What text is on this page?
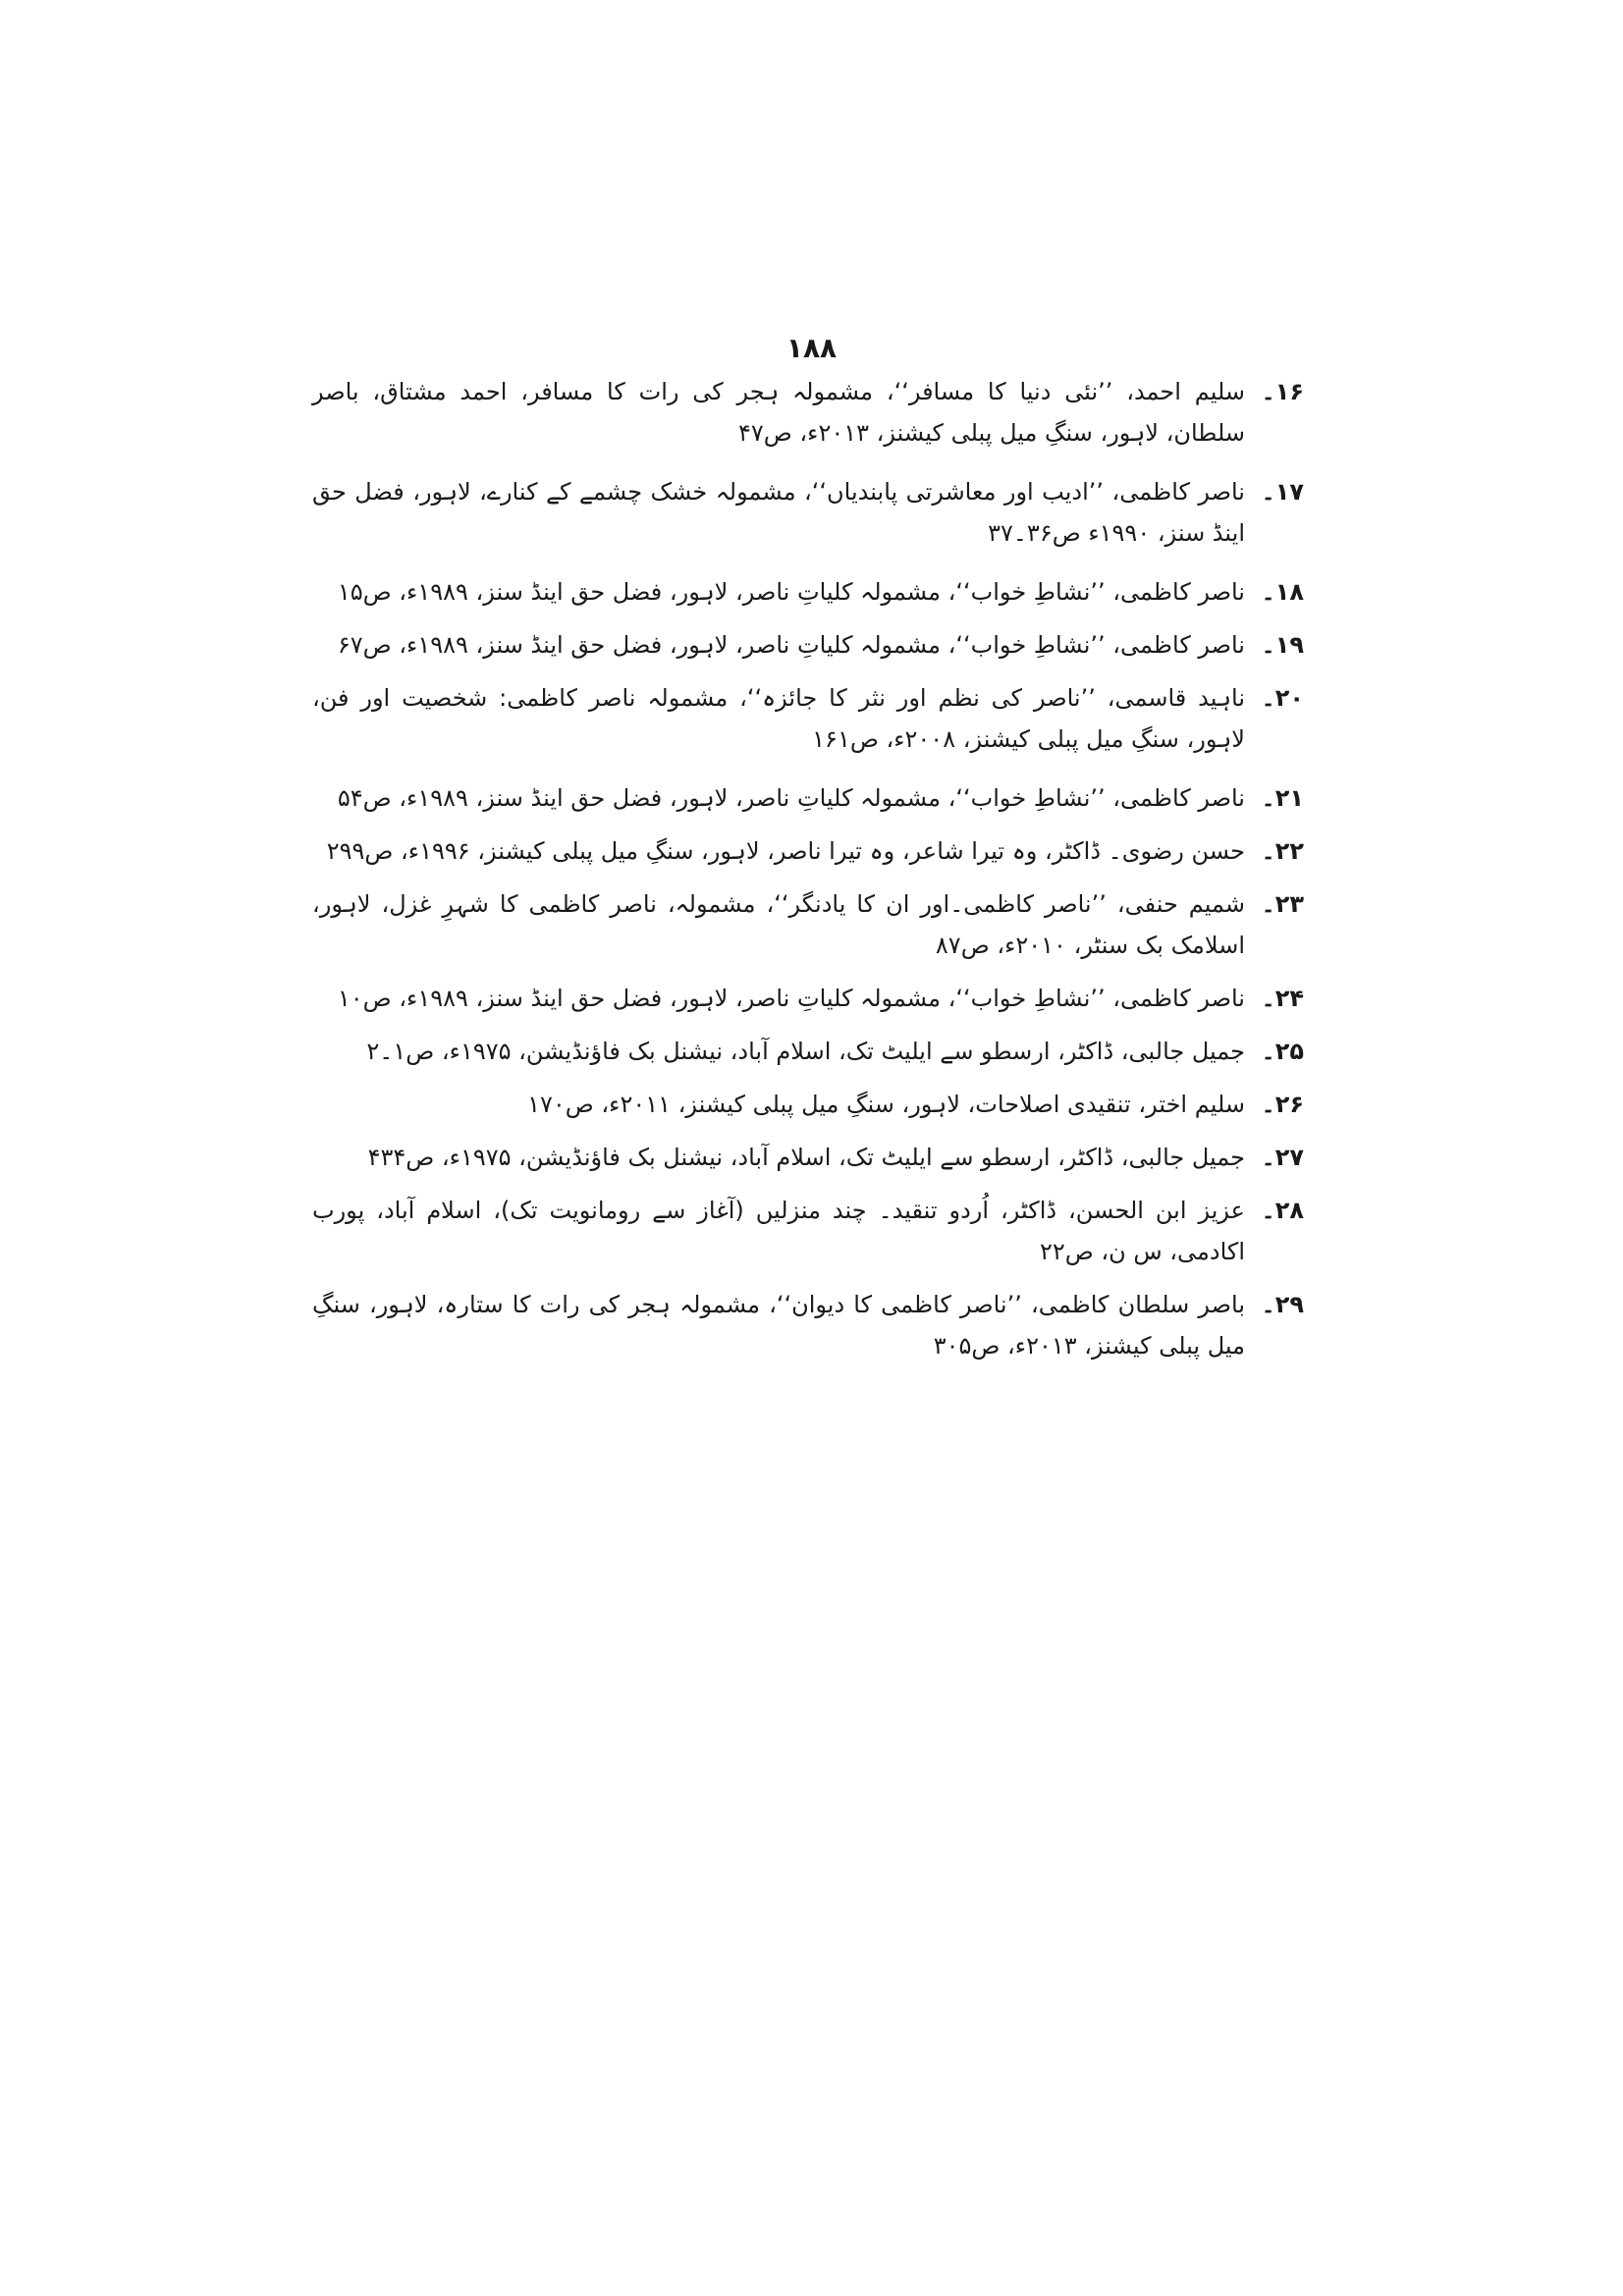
۱۸۸
۱۶۔
سلیم احمد، ’’نئی دنیا کا مسافر‘‘، مشمولہ ہجر کی رات کا مسافر، احمد مشتاق، باصر سلطان، لاہور، سنگِ میل پبلی کیشنز، ۲۰۱۳ء، ص۴۷
۱۷۔
ناصر کاظمی، ’’ادیب اور معاشرتی پابندیاں‘‘، مشمولہ خشک چشمے کے کنارے، لاہور، فضل حق اینڈ سنز، ۱۹۹۰ء ص۳۶۔۳۷
۱۸۔
ناصر کاظمی، ’’نشاطِ خواب‘‘، مشمولہ کلیاتِ ناصر، لاہور، فضل حق اینڈ سنز، ۱۹۸۹ء، ص۱۵
۱۹۔
ناصر کاظمی، ’’نشاطِ خواب‘‘، مشمولہ کلیاتِ ناصر، لاہور، فضل حق اینڈ سنز، ۱۹۸۹ء، ص۶۷
۲۰۔
ناہید قاسمی، ’’ناصر کی نظم اور نثر کا جائزہ‘‘، مشمولہ ناصر کاظمی: شخصیت اور فن، لاہور، سنگِ میل پبلی کیشنز، ۲۰۰۸ء، ص۱۶۱
۲۱۔
ناصر کاظمی، ’’نشاطِ خواب‘‘، مشمولہ کلیاتِ ناصر، لاہور، فضل حق اینڈ سنز، ۱۹۸۹ء، ص۵۴
۲۲۔
حسن رضوی۔ ڈاکٹر، وہ تیرا شاعر، وہ تیرا ناصر، لاہور، سنگِ میل پبلی کیشنز، ۱۹۹۶ء، ص۲۹۹
۲۳۔
شمیم حنفی، ’’ناصر کاظمی۔اور ان کا یادنگر‘‘، مشمولہ، ناصر کاظمی کا شہرِ غزل، لاہور، اسلامک بک سنٹر، ۲۰۱۰ء، ص۸۷
۲۴۔
ناصر کاظمی، ’’نشاطِ خواب‘‘، مشمولہ کلیاتِ ناصر، لاہور، فضل حق اینڈ سنز، ۱۹۸۹ء، ص۱۰
۲۵۔
جمیل جالبی، ڈاکٹر، ارسطو سے ایلیٹ تک، اسلام آباد، نیشنل بک فاؤنڈیشن، ۱۹۷۵ء، ص۱۔۲
۲۶۔
سلیم اختر، تنقیدی اصلاحات، لاہور، سنگِ میل پبلی کیشنز، ۲۰۱۱ء، ص۱۷۰
۲۷۔
جمیل جالبی، ڈاکٹر، ارسطو سے ایلیٹ تک، اسلام آباد، نیشنل بک فاؤنڈیشن، ۱۹۷۵ء، ص۴۳۴
۲۸۔
عزیز ابن الحسن، ڈاکٹر، اُردو تنقید۔ چند منزلیں (آغاز سے رومانویت تک)، اسلام آباد، پورب اکادمی، س ن، ص۲۲
۲۹۔
باصر سلطان کاظمی، ’’ناصر کاظمی کا دیوان‘‘، مشمولہ ہجر کی رات کا ستارہ، لاہور، سنگِ میل پبلی کیشنز، ۲۰۱۳ء، ص۳۰۵
